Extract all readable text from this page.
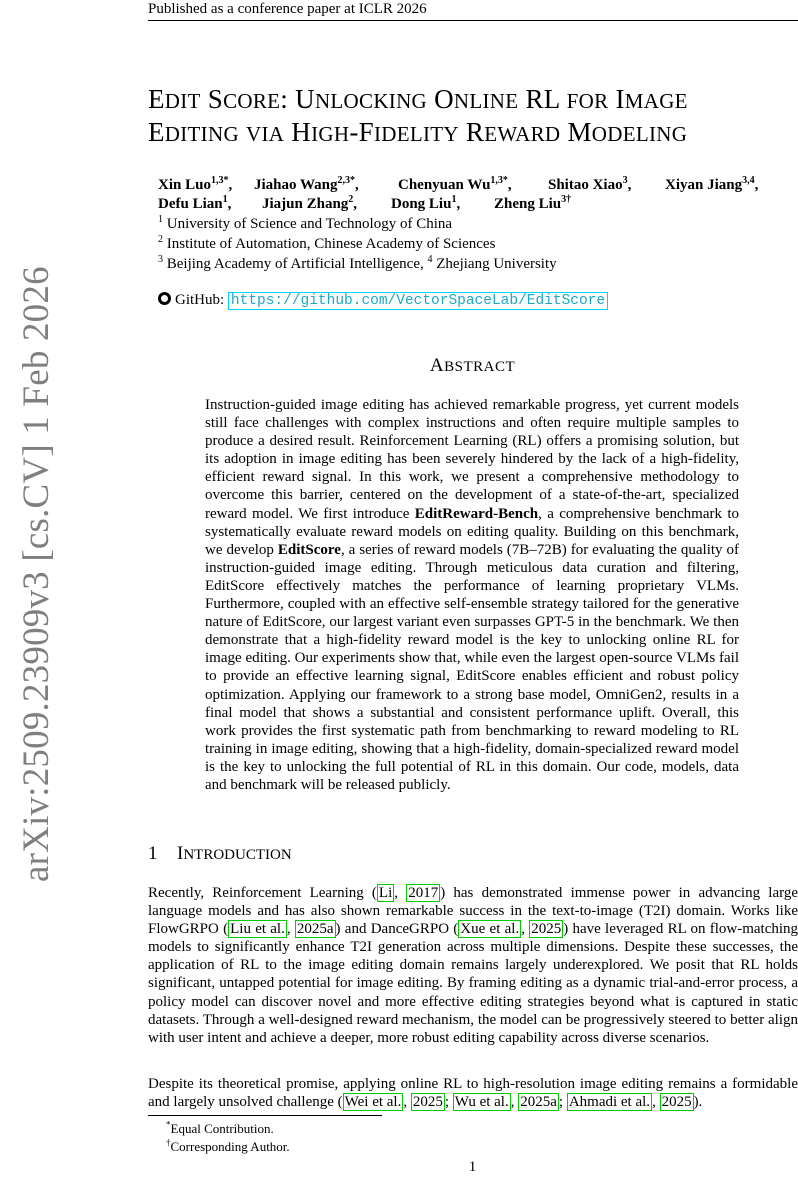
Published as a conference paper at ICLR 2026
arXiv:2509.23909v3 [cs.CV] 1 Feb 2026
EDIT SCORE: UNLOCKING ONLINE RL FOR IMAGE
EDITING VIA HIGH-FIDELITY REWARD MODELING
Xin Luo$^{1,3*}$, Jiahao Wang$^{2,3*}$,	Chenyuan $Wu^{1,3*}$, Shitao Xiao$^3$, Xiyan Jiang$^{3,4}$,
Defu Lian$^1$, Jiajun Zhang$^2$, Dong Liu$^1$, Zheng Liu$^{3\dagger}$
$^1$ University of Science and Technology of China
$^2$ Institute of Automation, Chinese Academy of Sciences
$^3$ Beijing Academy of Artificial Intelligence, $^4$ Zhejiang University
GitHub: https://github.com/VectorSpaceLab/EditScore
ABSTRACT
Instruction-guided image editing has achieved remarkable progress, yet current models still face challenges with complex instructions and often require multiple samples to produce a desired result. Reinforcement Learning (RL) offers a promising solution, but its adoption in image editing has been severely hindered by the lack of a high-fidelity, efficient reward signal. In this work, we present a comprehensive methodology to overcome this barrier, centered on the development of a state-of-the-art, specialized reward model. We first introduce EditReward-Bench, a comprehensive benchmark to systematically evaluate reward models on editing quality. Building on this benchmark, we develop EditScore, a series of reward models (7B–72B) for evaluating the quality of instruction-guided image editing. Through meticulous data curation and filtering, EditScore effectively matches the performance of learning proprietary VLMs. Furthermore, coupled with an effective self-ensemble strategy tailored for the generative nature of EditScore, our largest variant even surpasses GPT-5 in the benchmark. We then demonstrate that a high-fidelity reward model is the key to unlocking online RL for image editing. Our experiments show that, while even the largest open-source VLMs fail to provide an effective learning signal, EditScore enables efficient and robust policy optimization. Applying our framework to a strong base model, OmniGen2, results in a final model that shows a substantial and consistent performance uplift. Overall, this work provides the first systematic path from benchmarking to reward modeling to RL training in image editing, showing that a high-fidelity, domain-specialized reward model is the key to unlocking the full potential of RL in this domain. Our code, models, data and benchmark will be released publicly.
1 INTRODUCTION
Recently, Reinforcement Learning ( Li , 2017 ) has demonstrated immense power in advancing large language models and has also shown remarkable success in the text-to-image (T2I) domain. Works like FlowGRPO ( Liu et al. , 2025a ) and DanceGRPO ( Xue et al. , 2025 ) have leveraged RL on flow-matching models to significantly enhance T2I generation across multiple dimensions. Despite these successes, the application of RL to the image editing domain remains largely underexplored. We posit that RL holds significant, untapped potential for image editing. By framing editing as a dynamic trial-and-error process, a policy model can discover novel and more effective editing strategies beyond what is captured in static datasets. Through a well-designed reward mechanism, the model can be progressively steered to better align with user intent and achieve a deeper, more robust editing capability across diverse scenarios.
Despite its theoretical promise, applying online RL to high-resolution image editing remains a formidable and largely unsolved challenge ( Wei et al. , 2025 ; Wu et al. , 2025a ; Ahmadi et al. , 2025 ).
*Equal Contribution.
†Corresponding Author.
1
